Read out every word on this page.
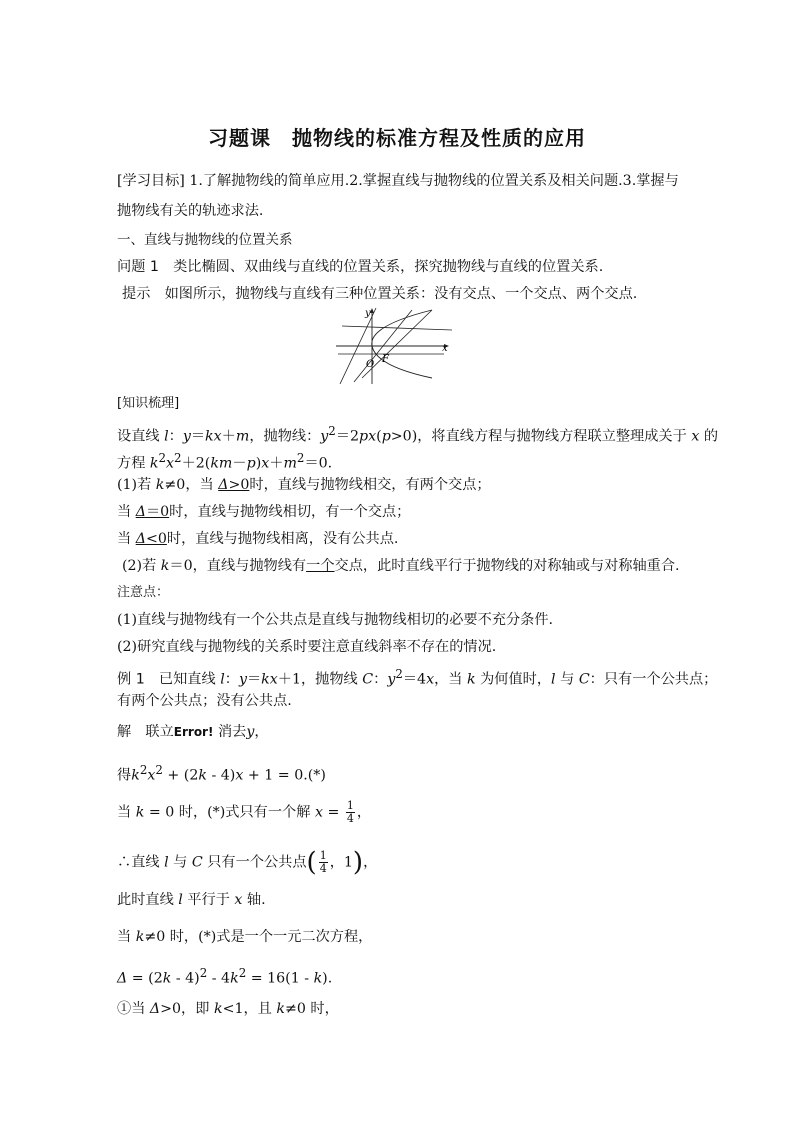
习题课　抛物线的标准方程及性质的应用
[学习目标] 1.了解抛物线的简单应用.2.掌握直线与抛物线的位置关系及相关问题.3.掌握与
抛物线有关的轨迹求法.
一、直线与抛物线的位置关系
问题 1　类比椭圆、双曲线与直线的位置关系，探究抛物线与直线的位置关系.
提示　如图所示，抛物线与直线有三种位置关系：没有交点、一个交点、两个交点.
x
y
O F
[知识梳理]
设直线 l：y＝kx＋m，抛物线：$y^2=2px(p>0)$，将直线方程与抛物线方程联立整理成关于 x 的
方程 $k^2x^2+2(km-p)x+m^2=0$.
(1)若 k≠0，当 Δ>0时，直线与抛物线相交，有两个交点；
当 Δ＝0时，直线与抛物线相切，有一个交点；
当 Δ<0时，直线与抛物线相离，没有公共点.
(2)若 k＝0，直线与抛物线有一个交点，此时直线平行于抛物线的对称轴或与对称轴重合.
注意点：
(1)直线与抛物线有一个公共点是直线与抛物线相切的必要不充分条件.
(2)研究直线与抛物线的关系时要注意直线斜率不存在的情况.
例 1　已知直线 l：y＝kx＋1，抛物线 C：$y^2=4x$，当 k 为何值时，l 与 C：只有一个公共点；
有两个公共点；没有公共点.
解　联立Error! 消去y，
得$k^2x^2 + (2k - 4)x + 1 = 0.(*)$
当 k = 0 时，(*)式只有一个解 $x = \frac{1}{4}$ ，
∴直线 l 与 C 只有一个公共点( $\frac{1}{4}$ ，1)，
此时直线 l 平行于 x 轴.
当 k≠0 时，(*)式是一个一元二次方程，
$\Delta = (2k - 4)^2 - 4k^2 = 16(1 - k)$.
①当 Δ>0，即 k<1，且 k≠0 时，
